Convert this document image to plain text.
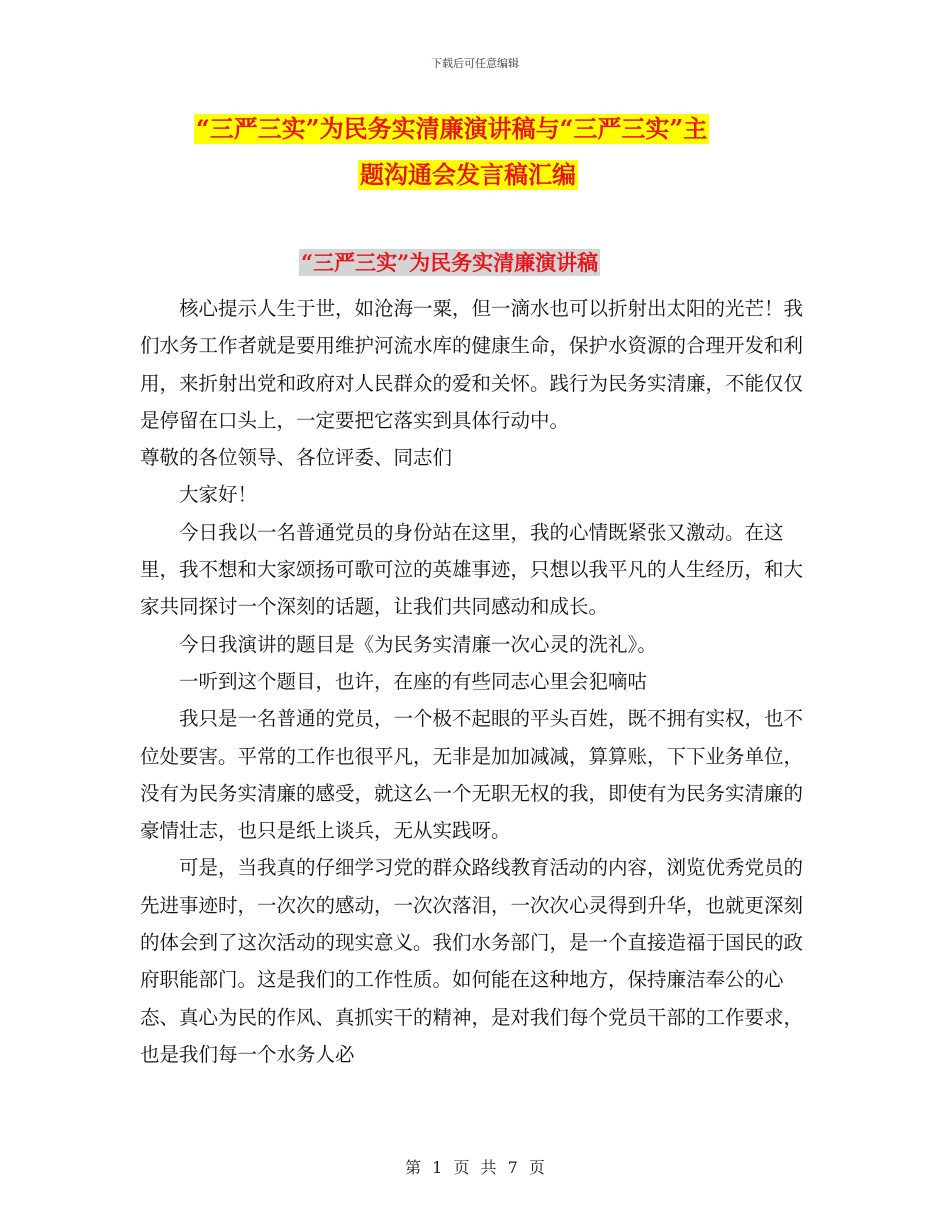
下载后可任意编辑
“三严三实”为民务实清廉演讲稿与“三严三实”主
题沟通会发言稿汇编
“三严三实”为民务实清廉演讲稿

核心提示人生于世，如沧海一粟，但一滴水也可以折射出太阳的光芒！我们水务工作者就是要用维护河流水库的健康生命，保护水资源的合理开发和利用，来折射出党和政府对人民群众的爱和关怀。践行为民务实清廉，不能仅仅是停留在口头上，一定要把它落实到具体行动中。

尊敬的各位领导、各位评委、同志们

大家好！

今日我以一名普通党员的身份站在这里，我的心情既紧张又激动。在这里，我不想和大家颂扬可歌可泣的英雄事迹，只想以我平凡的人生经历，和大家共同探讨一个深刻的话题，让我们共同感动和成长。

今日我演讲的题目是《为民务实清廉一次心灵的洗礼》。

一听到这个题目，也许，在座的有些同志心里会犯嘀咕

我只是一名普通的党员，一个极不起眼的平头百姓，既不拥有实权，也不位处要害。平常的工作也很平凡，无非是加加减减，算算账，下下业务单位，没有为民务实清廉的感受，就这么一个无职无权的我，即使有为民务实清廉的豪情壮志，也只是纸上谈兵，无从实践呀。

可是，当我真的仔细学习党的群众路线教育活动的内容，浏览优秀党员的先进事迹时，一次次的感动，一次次落泪，一次次心灵得到升华，也就更深刻的体会到了这次活动的现实意义。我们水务部门，是一个直接造福于国民的政府职能部门。这是我们的工作性质。如何能在这种地方，保持廉洁奉公的心态、真心为民的作风、真抓实干的精神，是对我们每个党员干部的工作要求，也是我们每一个水务人必

第 1 页 共 7 页
